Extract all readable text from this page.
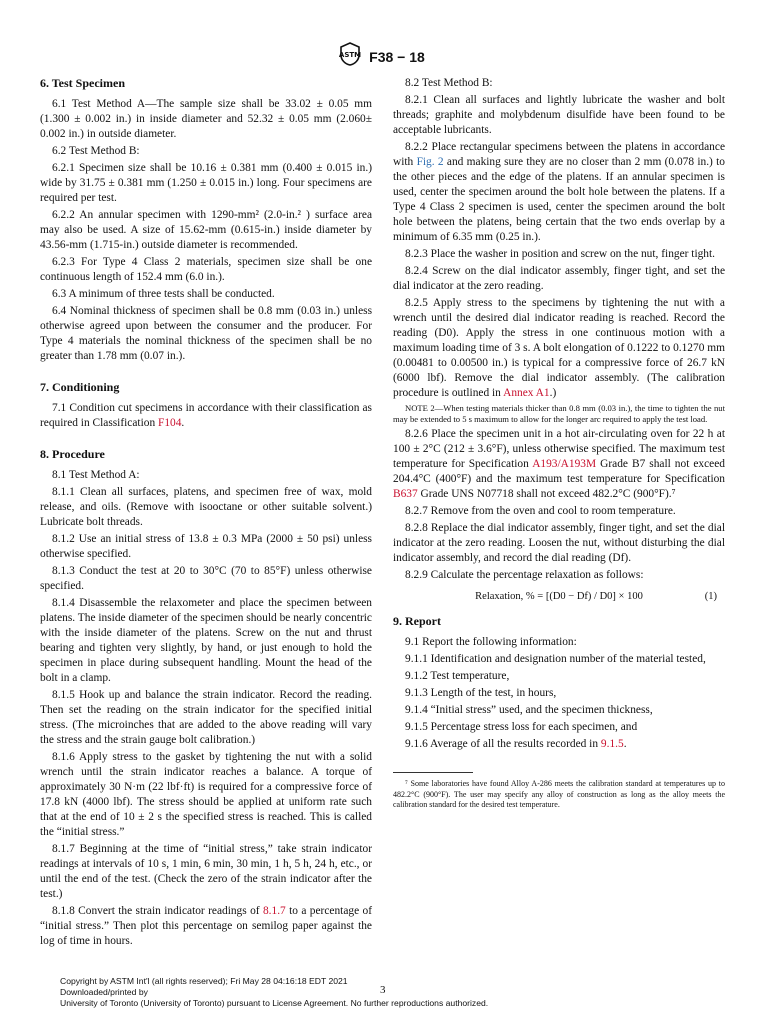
ASTM F38 − 18
6. Test Specimen

6.1 Test Method A—The sample size shall be 33.02 ± 0.05 mm (1.300 ± 0.002 in.) in inside diameter and 52.32 ± 0.05 mm (2.060± 0.002 in.) in outside diameter.

6.2 Test Method B:

6.2.1 Specimen size shall be 10.16 ± 0.381 mm (0.400 ± 0.015 in.) wide by 31.75 ± 0.381 mm (1.250 ± 0.015 in.) long. Four specimens are required per test.

6.2.2 An annular specimen with 1290-mm² (2.0-in.² ) surface area may also be used. A size of 15.62-mm (0.615-in.) inside diameter by 43.56-mm (1.715-in.) outside diameter is recommended.

6.2.3 For Type 4 Class 2 materials, specimen size shall be one continuous length of 152.4 mm (6.0 in.).

6.3 A minimum of three tests shall be conducted.

6.4 Nominal thickness of specimen shall be 0.8 mm (0.03 in.) unless otherwise agreed upon between the consumer and the producer. For Type 4 materials the nominal thickness of the specimen shall be no greater than 1.78 mm (0.07 in.).

7. Conditioning

7.1 Condition cut specimens in accordance with their classification as required in Classification F104.

8. Procedure

8.1 Test Method A:

8.1.1 Clean all surfaces, platens, and specimen free of wax, mold release, and oils. (Remove with isooctane or other suitable solvent.) Lubricate bolt threads.

8.1.2 Use an initial stress of 13.8 ± 0.3 MPa (2000 ± 50 psi) unless otherwise specified.

8.1.3 Conduct the test at 20 to 30°C (70 to 85°F) unless otherwise specified.

8.1.4 Disassemble the relaxometer and place the specimen between platens. The inside diameter of the specimen should be nearly concentric with the inside diameter of the platens. Screw on the nut and thrust bearing and tighten very slightly, by hand, or just enough to hold the specimen in place during subsequent handling. Mount the head of the bolt in a clamp.

8.1.5 Hook up and balance the strain indicator. Record the reading. Then set the reading on the strain indicator for the specified initial stress. (The microinches that are added to the above reading will vary the stress and the strain gauge bolt calibration.)

8.1.6 Apply stress to the gasket by tightening the nut with a solid wrench until the strain indicator reaches a balance. A torque of approximately 30 N·m (22 lbf·ft) is required for a compressive force of 17.8 kN (4000 lbf). The stress should be applied at uniform rate such that at the end of 10 ± 2 s the specified stress is reached. This is called the “initial stress.”

8.1.7 Beginning at the time of “initial stress,” take strain indicator readings at intervals of 10 s, 1 min, 6 min, 30 min, 1 h, 5 h, 24 h, etc., or until the end of the test. (Check the zero of the strain indicator after the test.)

8.1.8 Convert the strain indicator readings of 8.1.7 to a percentage of “initial stress.” Then plot this percentage on semilog paper against the log of time in hours.

8.2 Test Method B:

8.2.1 Clean all surfaces and lightly lubricate the washer and bolt threads; graphite and molybdenum disulfide have been found to be acceptable lubricants.

8.2.2 Place rectangular specimens between the platens in accordance with Fig. 2 and making sure they are no closer than 2 mm (0.078 in.) to the other pieces and the edge of the platens. If an annular specimen is used, center the specimen around the bolt hole between the platens. If a Type 4 Class 2 specimen is used, center the specimen around the bolt hole between the platens, being certain that the two ends overlap by a minimum of 6.35 mm (0.25 in.).

8.2.3 Place the washer in position and screw on the nut, finger tight.

8.2.4 Screw on the dial indicator assembly, finger tight, and set the dial indicator at the zero reading.

8.2.5 Apply stress to the specimens by tightening the nut with a wrench until the desired dial indicator reading is reached. Record the reading (D0). Apply the stress in one continuous motion with a maximum loading time of 3 s. A bolt elongation of 0.1222 to 0.1270 mm (0.00481 to 0.00500 in.) is typical for a compressive force of 26.7 kN (6000 lbf). Remove the dial indicator assembly. (The calibration procedure is outlined in Annex A1.)

NOTE 2—When testing materials thicker than 0.8 mm (0.03 in.), the time to tighten the nut may be extended to 5 s maximum to allow for the longer arc required to apply the test load.

8.2.6 Place the specimen unit in a hot air-circulating oven for 22 h at 100 ± 2°C (212 ± 3.6°F), unless otherwise specified. The maximum test temperature for Specification A193/A193M Grade B7 shall not exceed 204.4°C (400°F) and the maximum test temperature for Specification B637 Grade UNS N07718 shall not exceed 482.2°C (900°F).⁷

8.2.7 Remove from the oven and cool to room temperature.

8.2.8 Replace the dial indicator assembly, finger tight, and set the dial indicator at the zero reading. Loosen the nut, without disturbing the dial indicator assembly, and record the dial reading (Df).

8.2.9 Calculate the percentage relaxation as follows:

Relaxation, % = [(D0 − Df) / D0] × 100	(1)
9. Report

9.1 Report the following information:

9.1.1 Identification and designation number of the material tested,

9.1.2 Test temperature,

9.1.3 Length of the test, in hours,

9.1.4 “Initial stress” used, and the specimen thickness,

9.1.5 Percentage stress loss for each specimen, and

9.1.6 Average of all the results recorded in 9.1.5.

⁷ Some laboratories have found Alloy A-286 meets the calibration standard at temperatures up to 482.2°C (900°F). The user may specify any alloy of construction as long as the alloy meets the calibration standard for the desired test temperature.

Copyright by ASTM Int'l (all rights reserved); Fri May 28 04:16:18 EDT 2021
Downloaded/printed by
University of Toronto (University of Toronto) pursuant to License Agreement. No further reproductions authorized.
3
